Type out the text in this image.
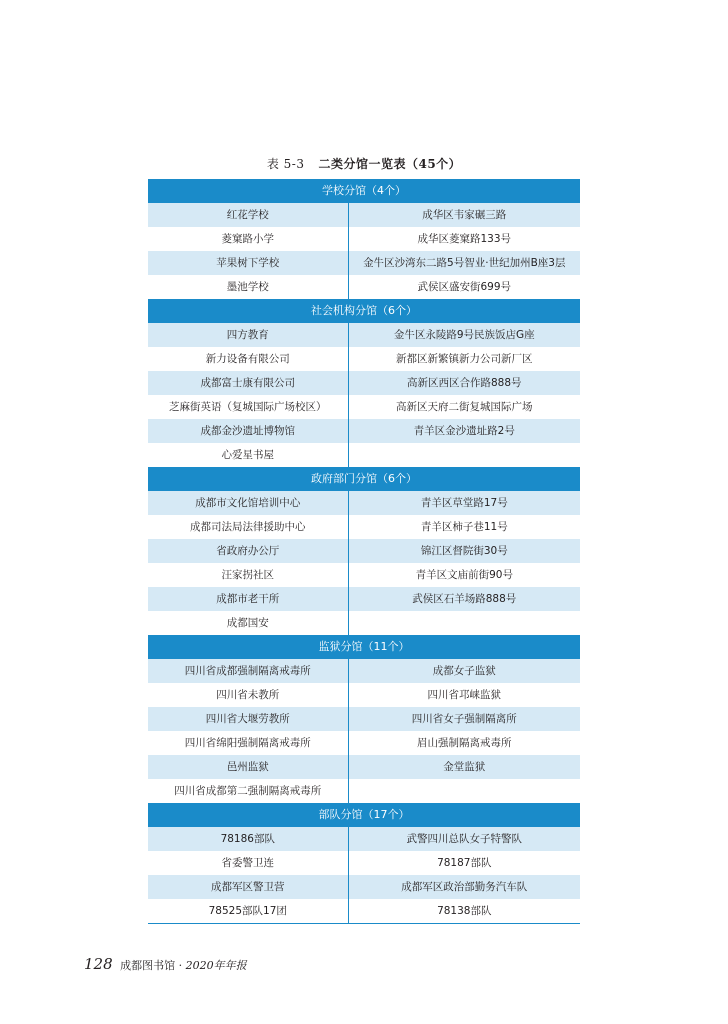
表 5-3 二类分馆一览表（45个）
学校分馆（4个）
红花学校	成华区韦家碾三路
菱窠路小学	成华区菱窠路133号
苹果树下学校	金牛区沙湾东二路5号智业·世纪加州B座3层
墨池学校	武侯区盛安街699号
社会机构分馆（6个）
四方教育	金牛区永陵路9号民族饭店G座
新力设备有限公司	新都区新繁镇新力公司新厂区
成都富士康有限公司	高新区西区合作路888号
芝麻街英语（复城国际广场校区）	高新区天府二街复城国际广场
成都金沙遗址博物馆	青羊区金沙遗址路2号
心爱星书屋
政府部门分馆（6个）
成都市文化馆培训中心	青羊区草堂路17号
成都司法局法律援助中心	青羊区柿子巷11号
省政府办公厅	锦江区督院街30号
汪家拐社区	青羊区文庙前街90号
成都市老干所	武侯区石羊场路888号
成都国安
监狱分馆（11个）
四川省成都强制隔离戒毒所	成都女子监狱
四川省未教所	四川省邛崃监狱
四川省大堰劳教所	四川省女子强制隔离所
四川省绵阳强制隔离戒毒所	眉山强制隔离戒毒所
邑州监狱	金堂监狱
四川省成都第二强制隔离戒毒所
部队分馆（17个）
78186部队	武警四川总队女子特警队
省委警卫连	78187部队
成都军区警卫营	成都军区政治部勤务汽车队
78525部队17团	78138部队
128 成都图书馆 · 2020年年报
